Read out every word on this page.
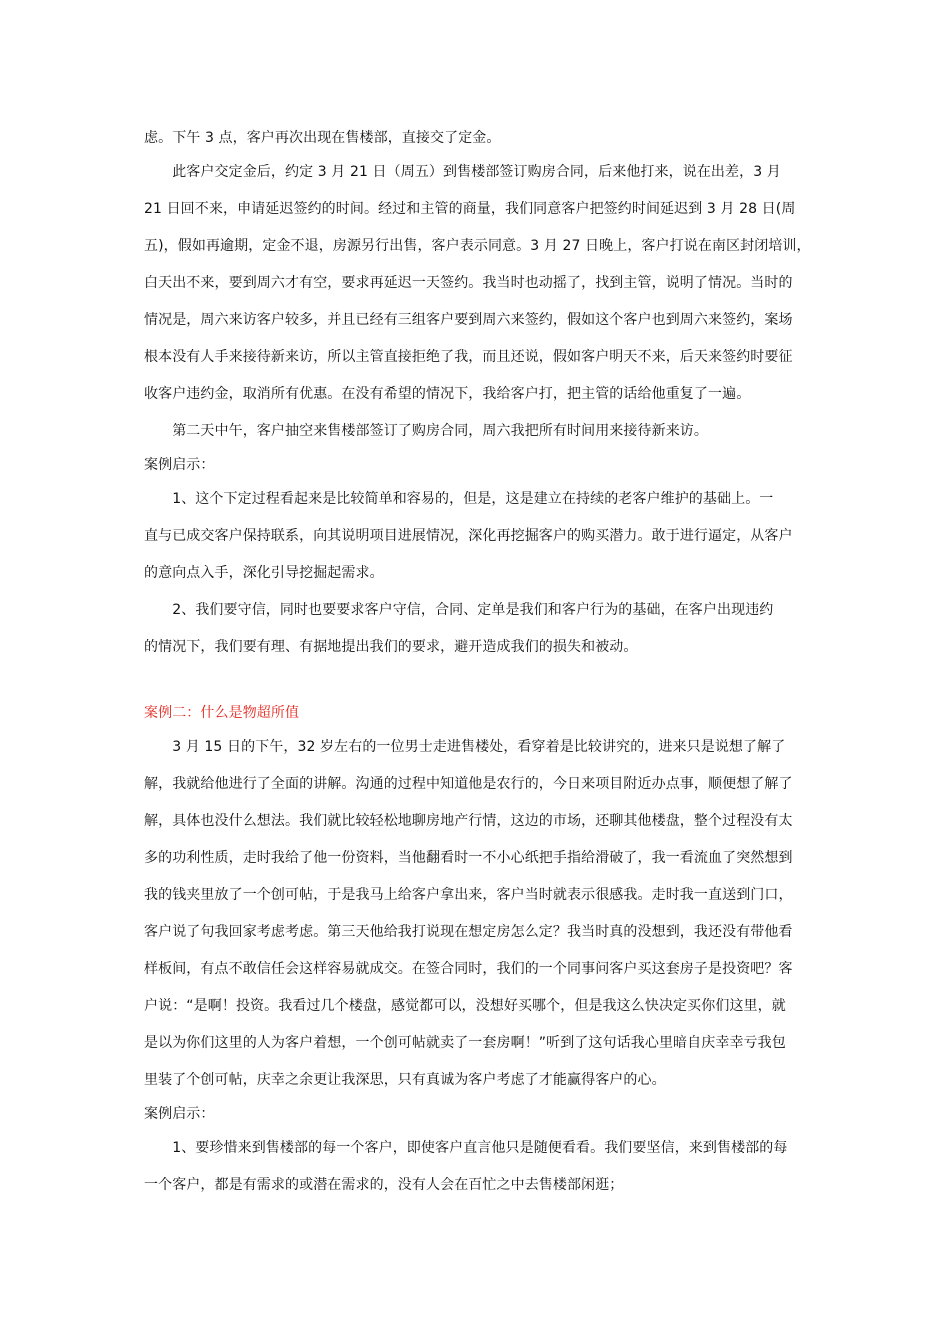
虑。下午 3 点，客户再次出现在售楼部，直接交了定金。
　　此客户交定金后，约定 3 月 21 日（周五）到售楼部签订购房合同，后来他打来，说在出差，3 月
21 日回不来，申请延迟签约的时间。经过和主管的商量，我们同意客户把签约时间延迟到 3 月 28 日(周
五)，假如再逾期，定金不退，房源另行出售，客户表示同意。3 月 27 日晚上，客户打说在南区封闭培训，
白天出不来，要到周六才有空，要求再延迟一天签约。我当时也动摇了，找到主管，说明了情况。当时的
情况是，周六来访客户较多，并且已经有三组客户要到周六来签约，假如这个客户也到周六来签约，案场
根本没有人手来接待新来访，所以主管直接拒绝了我，而且还说，假如客户明天不来，后天来签约时要征
收客户违约金，取消所有优惠。在没有希望的情况下，我给客户打，把主管的话给他重复了一遍。
　　第二天中午，客户抽空来售楼部签订了购房合同，周六我把所有时间用来接待新来访。
案例启示：
　　1、这个下定过程看起来是比较简单和容易的，但是，这是建立在持续的老客户维护的基础上。一
直与已成交客户保持联系，向其说明项目进展情况，深化再挖掘客户的购买潜力。敢于进行逼定，从客户
的意向点入手，深化引导挖掘起需求。
　　2、我们要守信，同时也要要求客户守信，合同、定单是我们和客户行为的基础，在客户出现违约
的情况下，我们要有理、有据地提出我们的要求，避开造成我们的损失和被动。
案例二：什么是物超所值
　　3 月 15 日的下午，32 岁左右的一位男士走进售楼处，看穿着是比较讲究的，进来只是说想了解了
解，我就给他进行了全面的讲解。沟通的过程中知道他是农行的，今日来项目附近办点事，顺便想了解了
解，具体也没什么想法。我们就比较轻松地聊房地产行情，这边的市场，还聊其他楼盘，整个过程没有太
多的功利性质，走时我给了他一份资料，当他翻看时一不小心纸把手指给滑破了，我一看流血了突然想到
我的钱夹里放了一个创可帖，于是我马上给客户拿出来，客户当时就表示很感我。走时我一直送到门口，
客户说了句我回家考虑考虑。第三天他给我打说现在想定房怎么定？我当时真的没想到，我还没有带他看
样板间，有点不敢信任会这样容易就成交。在签合同时，我们的一个同事问客户买这套房子是投资吧？客
户说：“是啊！投资。我看过几个楼盘，感觉都可以，没想好买哪个，但是我这么快决定买你们这里，就
是以为你们这里的人为客户着想，一个创可帖就卖了一套房啊！”听到了这句话我心里暗自庆幸幸亏我包
里装了个创可帖，庆幸之余更让我深思，只有真诚为客户考虑了才能赢得客户的心。
案例启示：
　　1、要珍惜来到售楼部的每一个客户，即使客户直言他只是随便看看。我们要坚信，来到售楼部的每
一个客户，都是有需求的或潜在需求的，没有人会在百忙之中去售楼部闲逛；
